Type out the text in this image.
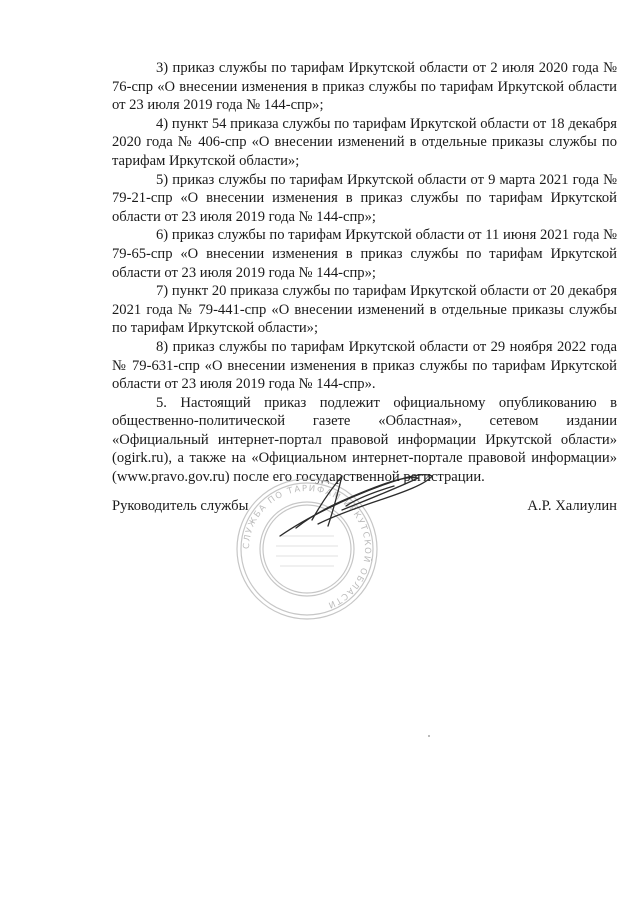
3) приказ службы по тарифам Иркутской области от 2 июля 2020 года № 76-спр «О внесении изменения в приказ службы по тарифам Иркутской области от 23 июля 2019 года № 144-спр»;

4) пункт 54 приказа службы по тарифам Иркутской области от 18 декабря 2020 года № 406-спр «О внесении изменений в отдельные приказы службы по тарифам Иркутской области»;

5) приказ службы по тарифам Иркутской области от 9 марта 2021 года № 79-21-спр «О внесении изменения в приказ службы по тарифам Иркутской области от 23 июля 2019 года № 144-спр»;

6) приказ службы по тарифам Иркутской области от 11 июня 2021 года № 79-65-спр «О внесении изменения в приказ службы по тарифам Иркутской области от 23 июля 2019 года № 144-спр»;

7) пункт 20 приказа службы по тарифам Иркутской области от 20 декабря 2021 года № 79-441-спр «О внесении изменений в отдельные приказы службы по тарифам Иркутской области»;

8) приказ службы по тарифам Иркутской области от 29 ноября 2022 года № 79-631-спр «О внесении изменения в приказ службы по тарифам Иркутской области от 23 июля 2019 года № 144-спр».

5. Настоящий приказ подлежит официальному опубликованию в общественно-политической газете «Областная», сетевом издании «Официальный интернет-портал правовой информации Иркутской области» (ogirk.ru), а также на «Официальном интернет-портале правовой информации» (www.pravo.gov.ru) после его государственной регистрации.

СЛУЖБА ПО ТАРИФАМ ИРКУТСКОЙ ОБЛАСТИ
Руководитель службы	А.Р. Халиулин
